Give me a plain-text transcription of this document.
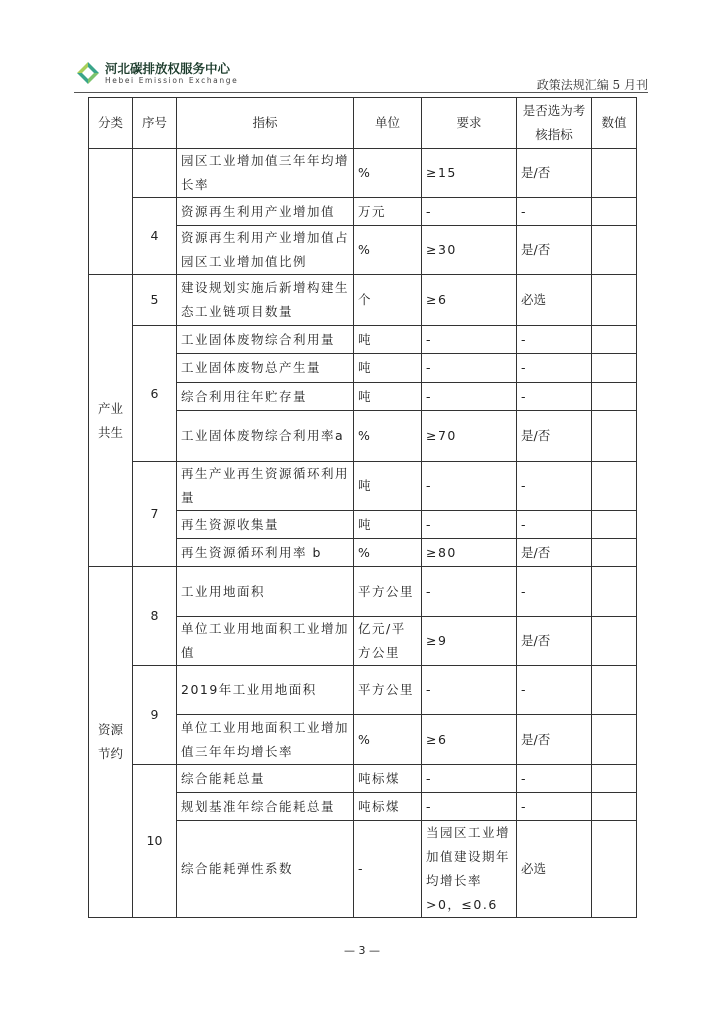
河北碳排放权服务中心
Hebei Emission Exchange	政策法规汇编 5 月刊
分类	序号	指标	单位	要求	是否选为考核指标	数值
		园区工业增加值三年年均增长率	%	≥15	是/否	
	4	资源再生利用产业增加值	万元	-	-	
		资源再生利用产业增加值占园区工业增加值比例	%	≥30	是/否	
产业共生	5	建设规划实施后新增构建生态工业链项目数量	个	≥6	必选	
	6	工业固体废物综合利用量	吨	-	-	
		工业固体废物总产生量	吨	-	-	
		综合利用往年贮存量	吨	-	-	
		工业固体废物综合利用率a	%	≥70	是/否	
	7	再生产业再生资源循环利用量	吨	-	-	
		再生资源收集量	吨	-	-	
		再生资源循环利用率 b	%	≥80	是/否	
资源节约	8	工业用地面积	平方公里	-	-	
		单位工业用地面积工业增加值	亿元/平方公里	≥9	是/否	
	9	2019年工业用地面积	平方公里	-	-	
		单位工业用地面积工业增加值三年年均增长率	%	≥6	是/否	
	10	综合能耗总量	吨标煤	-	-	
		规划基准年综合能耗总量	吨标煤	-	-	
		综合能耗弹性系数	-	当园区工业增加值建设期年均增长率>0，≤0.6	必选	
— 3 —
